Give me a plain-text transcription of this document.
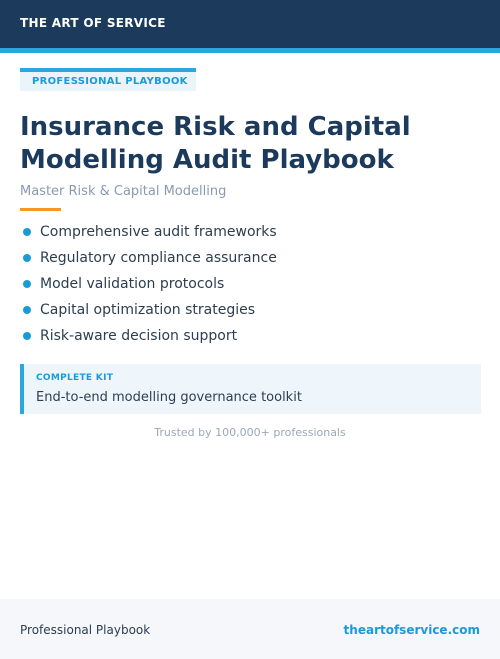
THE ART OF SERVICE
PROFESSIONAL PLAYBOOK
Insurance Risk and Capital
Modelling Audit Playbook
Master Risk & Capital Modelling
Comprehensive audit frameworks
Regulatory compliance assurance
Model validation protocols
Capital optimization strategies
Risk-aware decision support
COMPLETE KIT
End-to-end modelling governance toolkit
Trusted by 100,000+ professionals
Professional Playbook	theartofservice.com
